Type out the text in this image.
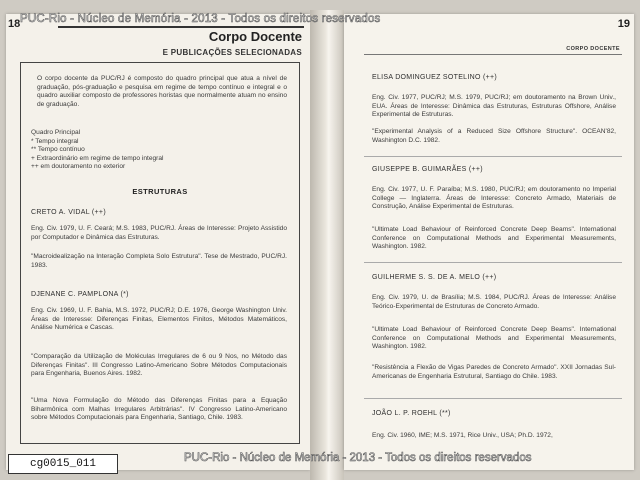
18
Corpo Docente
E PUBLICAÇÕES SELECIONADAS
O corpo docente da PUC/RJ é composto do quadro principal que atua a nível de graduação, pós-graduação e pesquisa em regime de tempo contínuo e integral e o quadro auxiliar composto de professores horistas que normalmente atuam no ensino de graduação.
Quadro Principal
* Tempo integral
** Tempo contínuo
+ Extraordinário em regime de tempo integral
++ em doutoramento no exterior
ESTRUTURAS
CRETO A. VIDAL (++)
Eng. Civ. 1979, U. F. Ceará; M.S. 1983, PUC/RJ. Áreas de Interesse: Projeto Assistido por Computador e Dinâmica das Estruturas.
"Macroidealização na Interação Completa Solo Estrutura". Tese de Mestrado, PUC/RJ. 1983.
DJENANE C. PAMPLONA (*)
Eng. Civ. 1969, U. F. Bahia, M.S. 1972, PUC/RJ; D.E. 1976, George Washington Univ. Áreas de Interesse: Diferenças Finitas, Elementos Finitos, Métodos Matemáticos, Análise Numérica e Cascas.
"Comparação da Utilização de Moléculas Irregulares de 6 ou 9 Nos, no Método das Diferenças Finitas". III Congresso Latino-Americano Sobre Métodos Computacionais para Engenharia, Buenos Aires. 1982.
"Uma Nova Formulação do Método das Diferenças Finitas para a Equação Biharmônica com Malhas Irregulares Arbitrárias". IV Congresso Latino-Americano sobre Métodos Computacionais para Engenharia, Santiago, Chile. 1983.
19
CORPO DOCENTE
ELISA DOMINGUEZ SOTELINO (++)
Eng. Civ. 1977, PUC/RJ; M.S. 1979, PUC/RJ; em doutoramento na Brown Univ., EUA. Áreas de Interesse: Dinâmica das Estruturas, Estruturas Offshore, Análise Experimental de Estruturas.
"Experimental Analysis of a Reduced Size Offshore Structure". OCEAN'82, Washington D.C. 1982.
GIUSEPPE B. GUIMARÃES (++)
Eng. Civ. 1977, U. F. Paraíba; M.S. 1980, PUC/RJ; em doutoramento no Imperial College — Inglaterra. Áreas de Interesse: Concreto Armado, Materiais de Construção, Análise Experimental de Estruturas.
"Ultimate Load Behaviour of Reinforced Concrete Deep Beams". International Conference on Computational Methods and Experimental Measurements, Washington. 1982.
GUILHERME S. S. DE A. MELO (++)
Eng. Civ. 1979, U. de Brasília; M.S. 1984, PUC/RJ. Áreas de Interesse: Análise Teórico-Experimental de Estruturas de Concreto Armado.
"Ultimate Load Behaviour of Reinforced Concrete Deep Beams". International Conference on Computational Methods and Experimental Measurements, Washington. 1982.
"Resistência a Flexão de Vigas Paredes de Concreto Armado". XXII Jornadas Sul-Americanas de Engenharia Estrutural, Santiago do Chile. 1983.
JOÃO L. P. ROEHL (**)
Eng. Civ. 1960, IME; M.S. 1971, Rice Univ., USA; Ph.D. 1972,
PUC-Rio - Núcleo de Memória - 2013 - Todos os direitos reservados
PUC-Rio - Núcleo de Memória - 2013 - Todos os direitos reservados
cg0015_011
